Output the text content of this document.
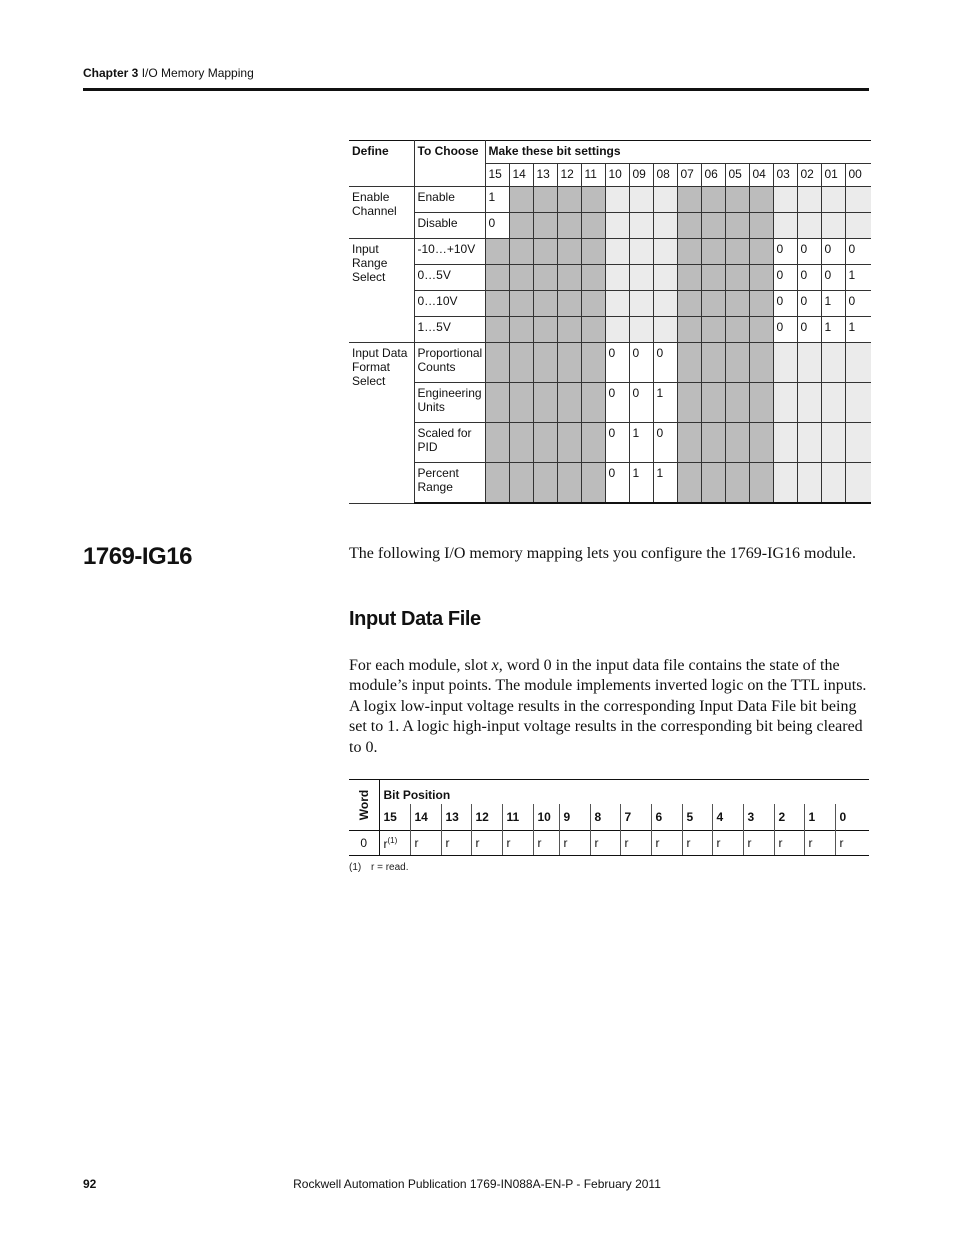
Chapter 3 I/O Memory Mapping
Define	To Choose	Make these bit settings															
		15	14	13	12	11	10	09	08	07	06	05	04	03	02	01	00
Enable Channel	Enable	1															
	Disable	0															
Input Range Select	-10…+10V													0	0	0	0
	0…5V													0	0	0	1
	0…10V													0	0	1	0
	1…5V													0	0	1	1
Input Data Format Select	Proportional Counts						0	0	0								
	Engineering Units						0	0	1								
	Scaled for PID						0	1	0								
	Percent Range						0	1	1								
1769-IG16	The following I/O memory mapping lets you configure the 1769-IG16 module.
Input Data File
For each module, slot x, word 0 in the input data file contains the state of the module’s input points. The module implements inverted logic on the TTL inputs. A logix low-input voltage results in the corresponding Input Data File bit being set to 1. A logic high-input voltage results in the corresponding bit being cleared to 0.
Word	Bit Position															
	15	14	13	12	11	10	9	8	7	6	5	4	3	2	1	0
0	$r^{(1)}$	r	r	r	r	r	r	r	r	r	r	r	r	r	r	r
(1) r = read.
92	Rockwell Automation Publication 1769-IN088A-EN-P - February 2011
